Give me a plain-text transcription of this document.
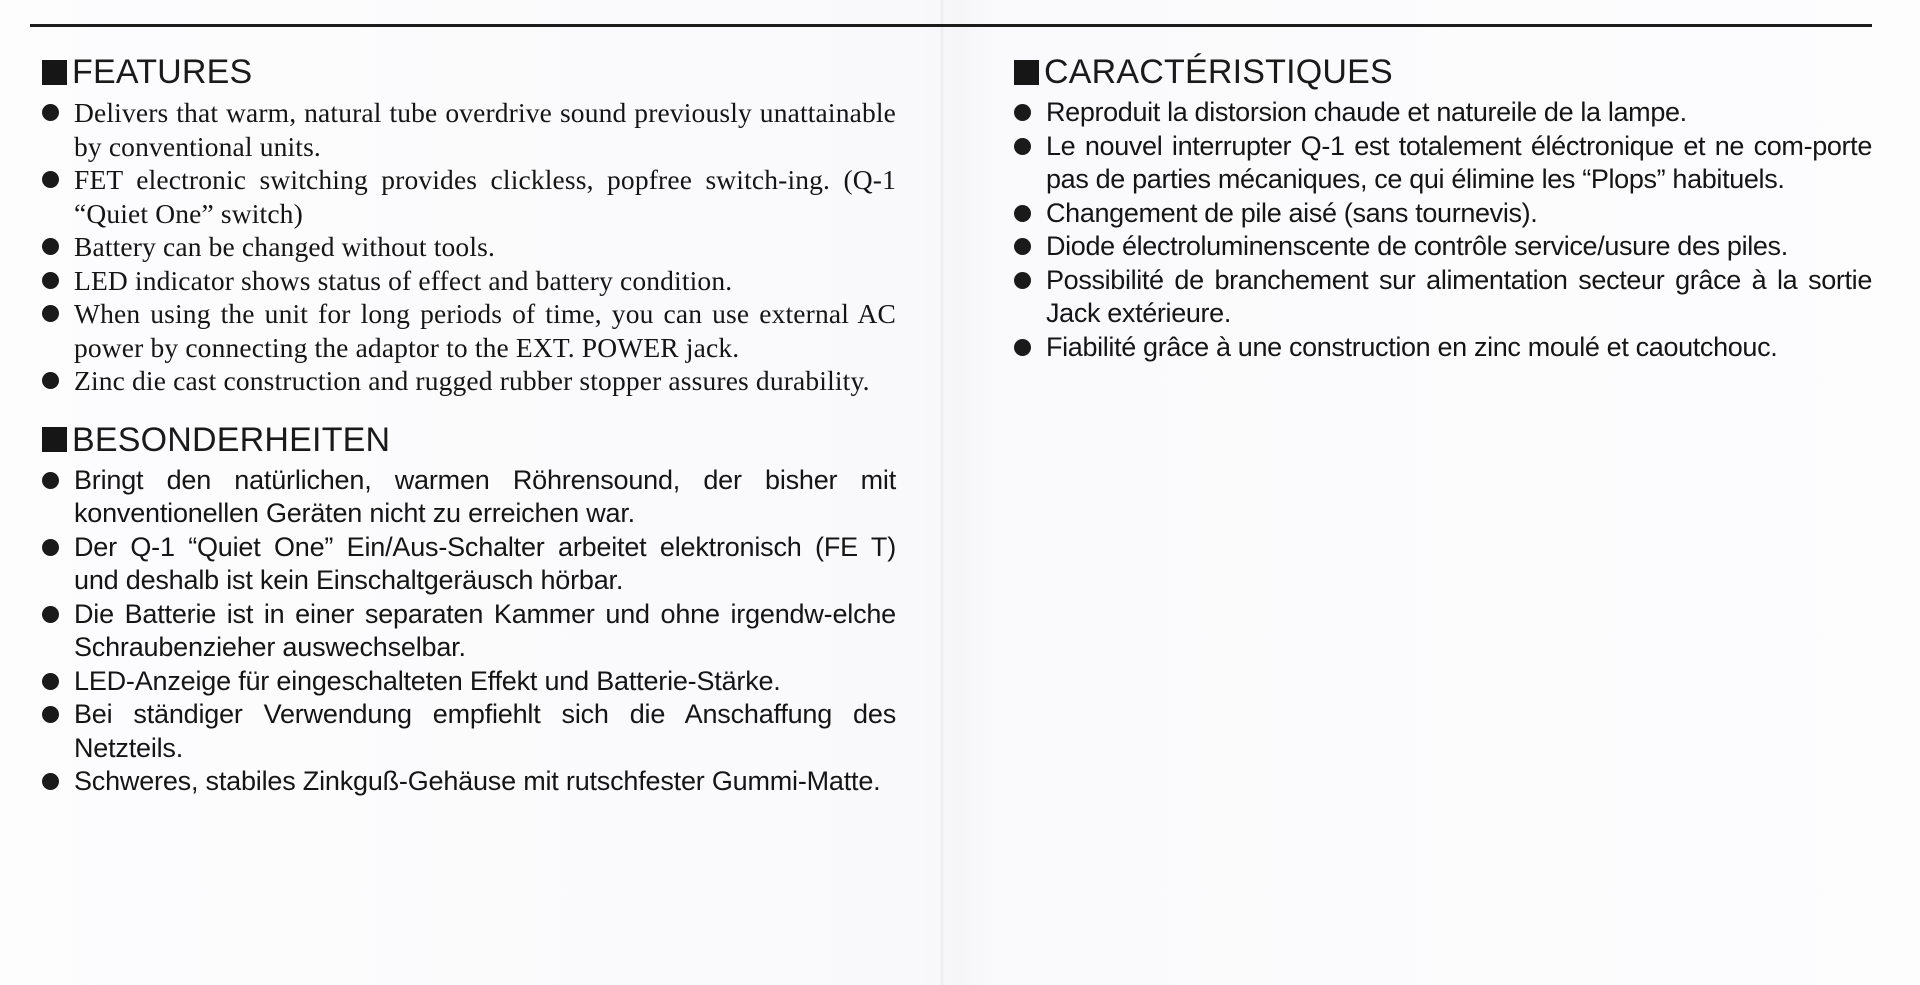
FEATURES
Delivers that warm, natural tube overdrive sound previously unattainable by conventional units.
FET electronic switching provides clickless, popfree switch-ing. (Q-1 “Quiet One” switch)
Battery can be changed without tools.
LED indicator shows status of effect and battery condition.
When using the unit for long periods of time, you can use external AC power by connecting the adaptor to the EXT. POWER jack.
Zinc die cast construction and rugged rubber stopper assures durability.
BESONDERHEITEN
Bringt den natürlichen, warmen Röhrensound, der bisher mit konventionellen Geräten nicht zu erreichen war.
Der Q-1 “Quiet One” Ein/Aus-Schalter arbeitet elektronisch (FE T) und deshalb ist kein Einschaltgeräusch hörbar.
Die Batterie ist in einer separaten Kammer und ohne irgendw-elche Schraubenzieher auswechselbar.
LED-Anzeige für eingeschalteten Effekt und Batterie-Stärke.
Bei ständiger Verwendung empfiehlt sich die Anschaffung des Netzteils.
Schweres, stabiles Zinkguß-Gehäuse mit rutschfester Gummi-Matte.
CARACTÉRISTIQUES
Reproduit la distorsion chaude et natureile de la lampe.
Le nouvel interrupter Q-1 est totalement éléctronique et ne com-porte pas de parties mécaniques, ce qui élimine les “Plops” habituels.
Changement de pile aisé (sans tournevis).
Diode électroluminenscente de contrôle service/usure des piles.
Possibilité de branchement sur alimentation secteur grâce à la sortie Jack extérieure.
Fiabilité grâce à une construction en zinc moulé et caoutchouc.
